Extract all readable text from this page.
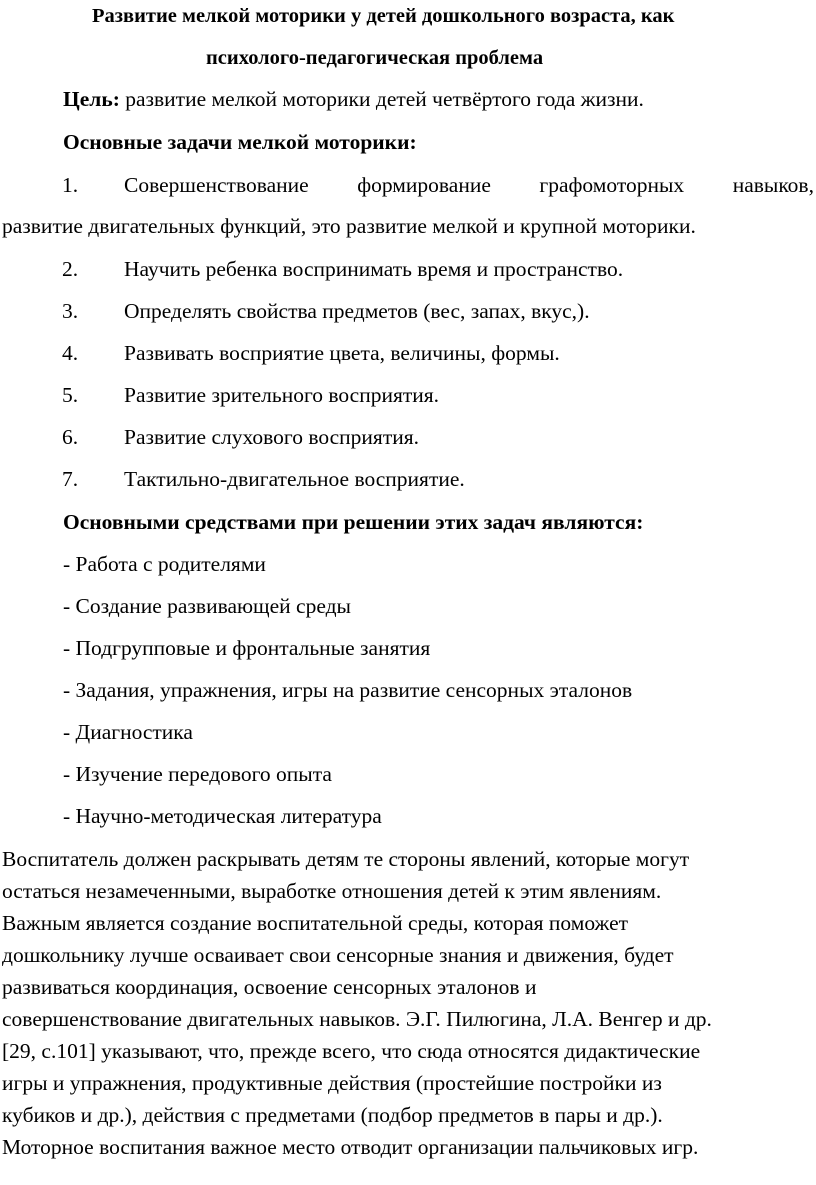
Развитие мелкой моторики у детей дошкольного возраста, как
психолого-педагогическая проблема
Цель: развитие мелкой моторики детей четвёртого года жизни.
Основные задачи мелкой моторики:
1. Совершенствование формирование графомоторных навыков,
развитие двигательных функций, это развитие мелкой и крупной моторики.
2. Научить ребенка воспринимать время и пространство.
3. Определять свойства предметов (вес, запах, вкус,).
4. Развивать восприятие цвета, величины, формы.
5. Развитие зрительного восприятия.
6. Развитие слухового восприятия.
7. Тактильно-двигательное восприятие.
Основными средствами при решении этих задач являются:
- Работа с родителями
- Создание развивающей среды
- Подгрупповые и фронтальные занятия
- Задания, упражнения, игры на развитие сенсорных эталонов
- Диагностика
- Изучение передового опыта
- Научно-методическая литература
Воспитатель должен раскрывать детям те стороны явлений, которые могут
остаться незамеченными, выработке отношения детей к этим явлениям.
Важным является создание воспитательной среды, которая поможет
дошкольнику лучше осваивает свои сенсорные знания и движения, будет
развиваться координация, освоение сенсорных эталонов и
совершенствование двигательных навыков. Э.Г. Пилюгина, Л.А. Венгер и др.
[29, с.101] указывают, что, прежде всего, что сюда относятся дидактические
игры и упражнения, продуктивные действия (простейшие постройки из
кубиков и др.), действия с предметами (подбор предметов в пары и др.).
Моторное воспитания важное место отводит организации пальчиковых игр.
